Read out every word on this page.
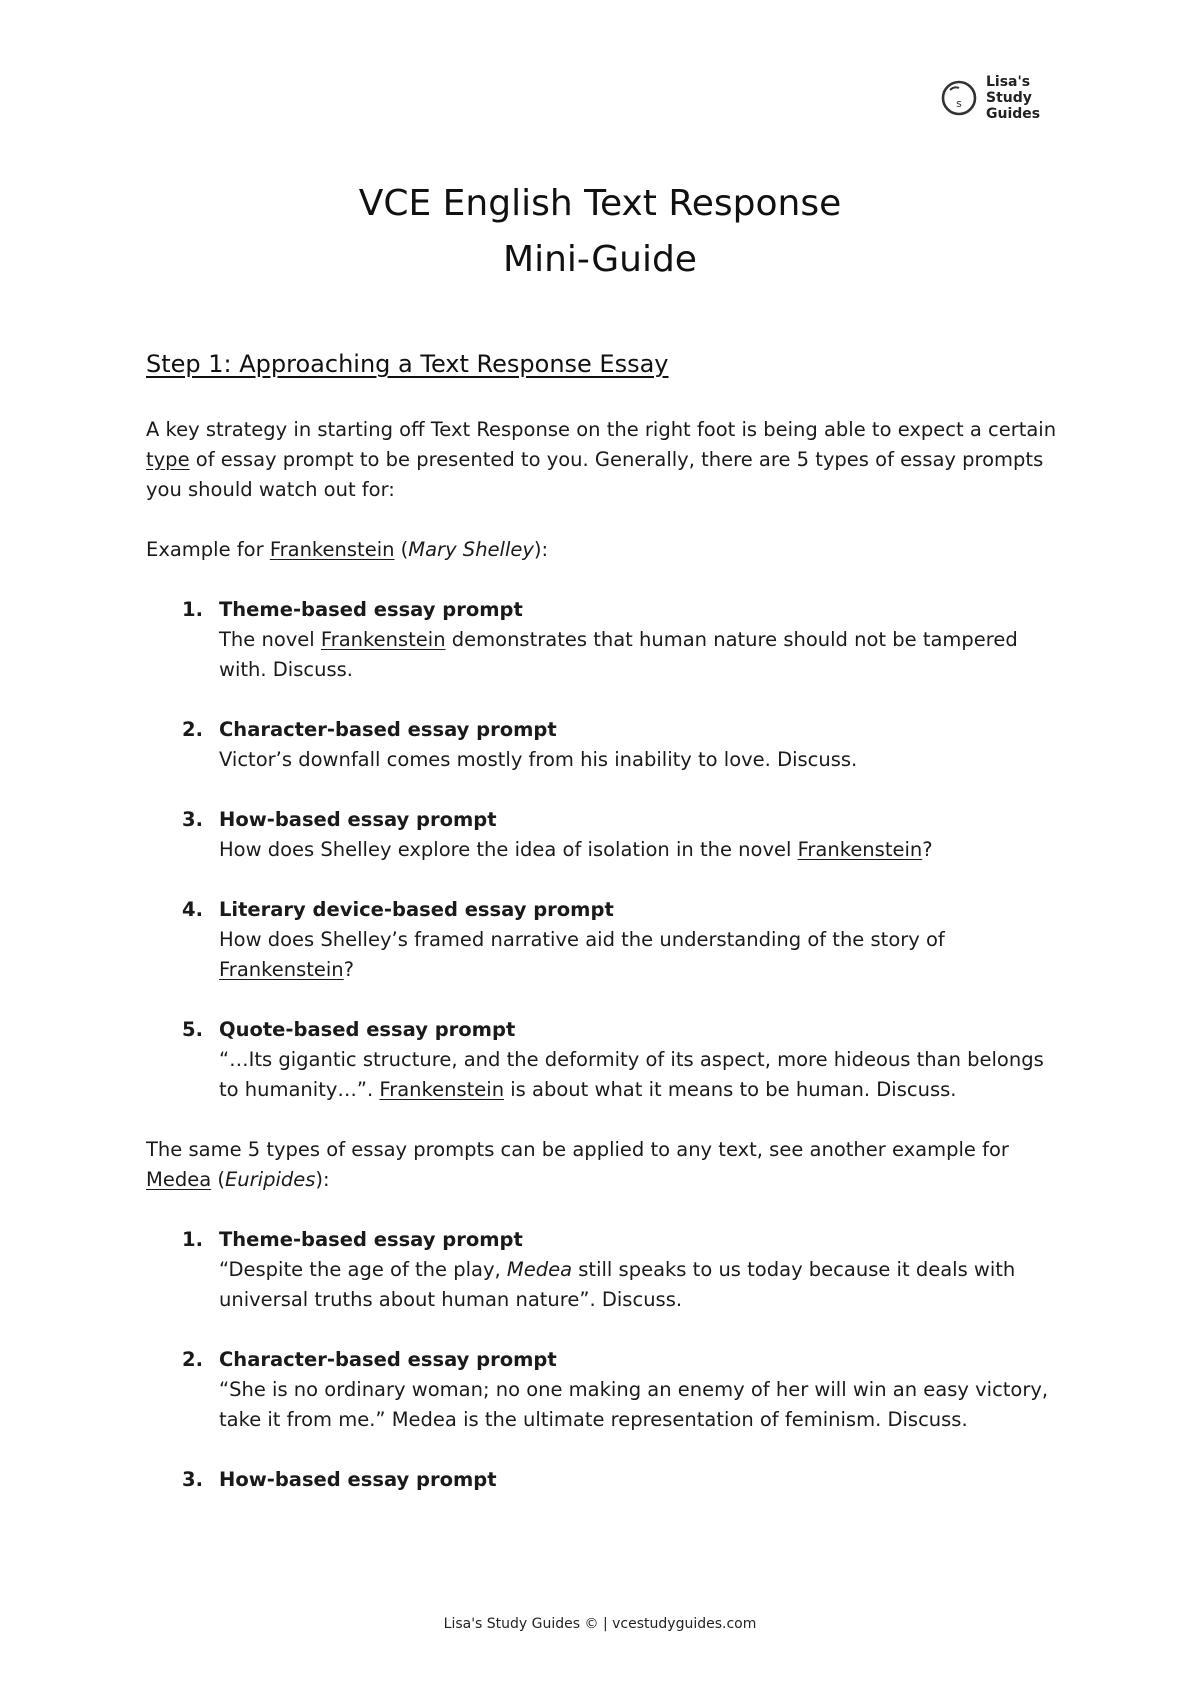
s
Lisa's
Study
Guides
VCE English Text Response
Mini-Guide
Step 1: Approaching a Text Response Essay

A key strategy in starting off Text Response on the right foot is being able to expect a certain type of essay prompt to be presented to you. Generally, there are 5 types of essay prompts you should watch out for:

Example for Frankenstein (Mary Shelley):

1. Theme-based essay prompt
The novel Frankenstein demonstrates that human nature should not be tampered with. Discuss.
2. Character-based essay prompt
Victor’s downfall comes mostly from his inability to love. Discuss.
3. How-based essay prompt
How does Shelley explore the idea of isolation in the novel Frankenstein?
4. Literary device-based essay prompt
How does Shelley’s framed narrative aid the understanding of the story of Frankenstein?
5. Quote-based essay prompt
“…Its gigantic structure, and the deformity of its aspect, more hideous than belongs to humanity…”. Frankenstein is about what it means to be human. Discuss.

The same 5 types of essay prompts can be applied to any text, see another example for Medea (Euripides):

1. Theme-based essay prompt
“Despite the age of the play, Medea still speaks to us today because it deals with universal truths about human nature”. Discuss.
2. Character-based essay prompt
“She is no ordinary woman; no one making an enemy of her will win an easy victory, take it from me.” Medea is the ultimate representation of feminism. Discuss.
3. How-based essay prompt
Lisa's Study Guides © | vcestudyguides.com
